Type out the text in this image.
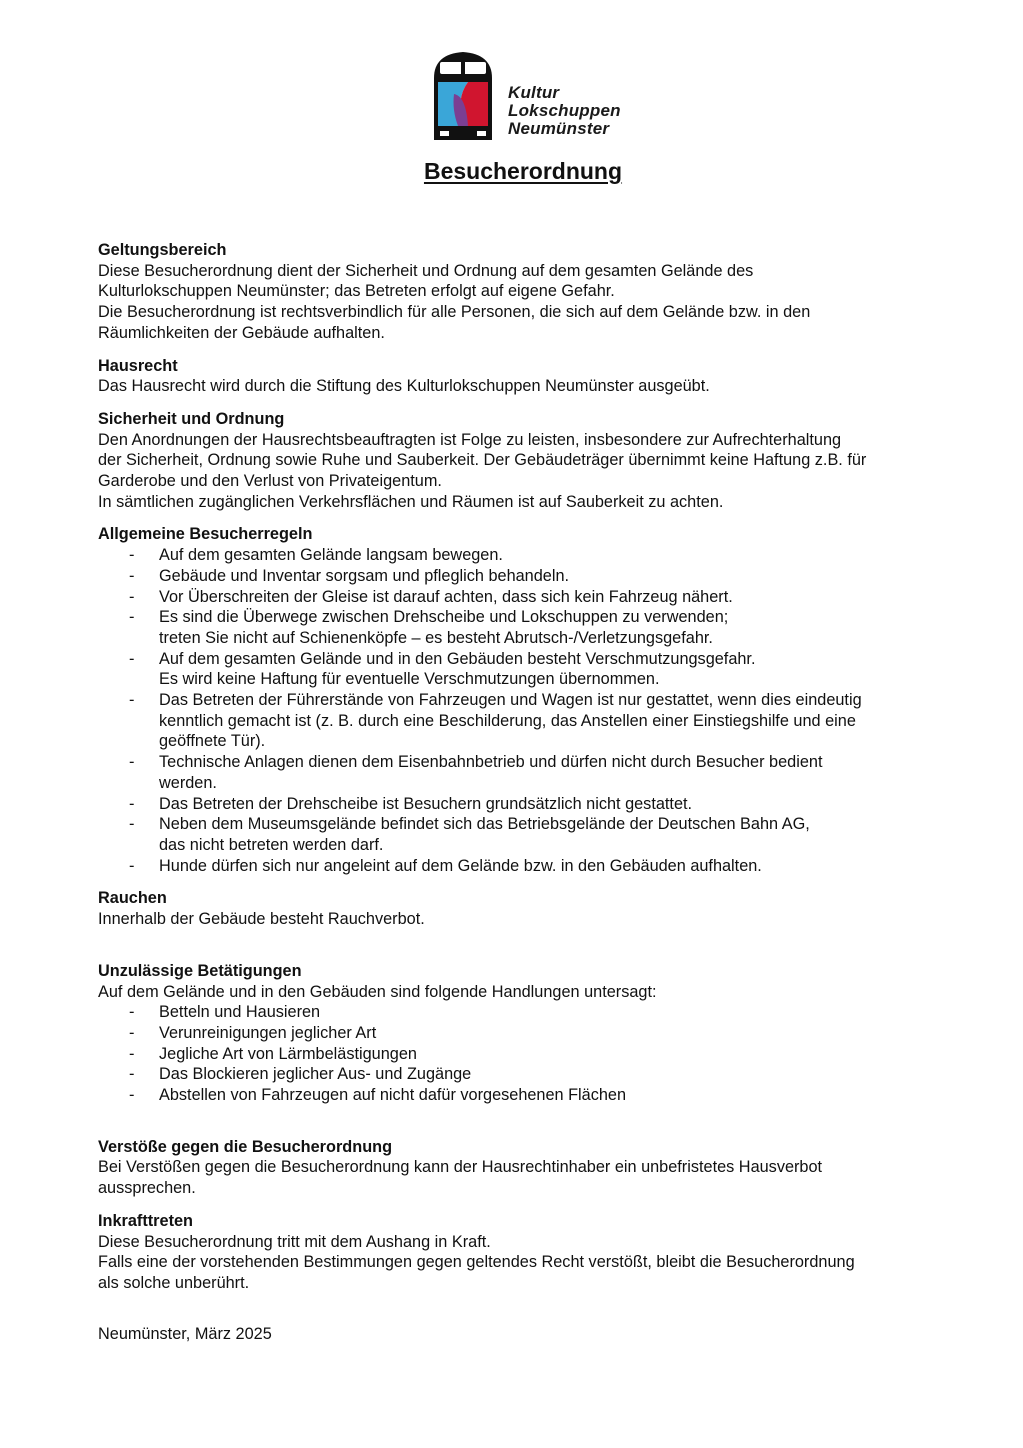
Kultur
Lokschuppen
Neumünster
Besucherordnung
Geltungsbereich
Diese Besucherordnung dient der Sicherheit und Ordnung auf dem gesamten Gelände des
Kulturlokschuppen Neumünster; das Betreten erfolgt auf eigene Gefahr.
Die Besucherordnung ist rechtsverbindlich für alle Personen, die sich auf dem Gelände bzw. in den
Räumlichkeiten der Gebäude aufhalten.
Hausrecht
Das Hausrecht wird durch die Stiftung des Kulturlokschuppen Neumünster ausgeübt.
Sicherheit und Ordnung
Den Anordnungen der Hausrechtsbeauftragten ist Folge zu leisten, insbesondere zur Aufrechterhaltung
der Sicherheit, Ordnung sowie Ruhe und Sauberkeit. Der Gebäudeträger übernimmt keine Haftung z.B. für
Garderobe und den Verlust von Privateigentum.
In sämtlichen zugänglichen Verkehrsflächen und Räumen ist auf Sauberkeit zu achten.
Allgemeine Besucherregeln
- Auf dem gesamten Gelände langsam bewegen.
- Gebäude und Inventar sorgsam und pfleglich behandeln.
- Vor Überschreiten der Gleise ist darauf achten, dass sich kein Fahrzeug nähert.
- Es sind die Überwege zwischen Drehscheibe und Lokschuppen zu verwenden;
treten Sie nicht auf Schienenköpfe – es besteht Abrutsch-/Verletzungsgefahr.
- Auf dem gesamten Gelände und in den Gebäuden besteht Verschmutzungsgefahr.
Es wird keine Haftung für eventuelle Verschmutzungen übernommen.
- Das Betreten der Führerstände von Fahrzeugen und Wagen ist nur gestattet, wenn dies eindeutig
kenntlich gemacht ist (z. B. durch eine Beschilderung, das Anstellen einer Einstiegshilfe und eine
geöffnete Tür).
- Technische Anlagen dienen dem Eisenbahnbetrieb und dürfen nicht durch Besucher bedient
werden.
- Das Betreten der Drehscheibe ist Besuchern grundsätzlich nicht gestattet.
- Neben dem Museumsgelände befindet sich das Betriebsgelände der Deutschen Bahn AG,
das nicht betreten werden darf.
- Hunde dürfen sich nur angeleint auf dem Gelände bzw. in den Gebäuden aufhalten.
Rauchen
Innerhalb der Gebäude besteht Rauchverbot.
Unzulässige Betätigungen
Auf dem Gelände und in den Gebäuden sind folgende Handlungen untersagt:
- Betteln und Hausieren
- Verunreinigungen jeglicher Art
- Jegliche Art von Lärmbelästigungen
- Das Blockieren jeglicher Aus- und Zugänge
- Abstellen von Fahrzeugen auf nicht dafür vorgesehenen Flächen
Verstöße gegen die Besucherordnung
Bei Verstößen gegen die Besucherordnung kann der Hausrechtinhaber ein unbefristetes Hausverbot
aussprechen.
Inkrafttreten
Diese Besucherordnung tritt mit dem Aushang in Kraft.
Falls eine der vorstehenden Bestimmungen gegen geltendes Recht verstößt, bleibt die Besucherordnung
als solche unberührt.
Neumünster, März 2025
